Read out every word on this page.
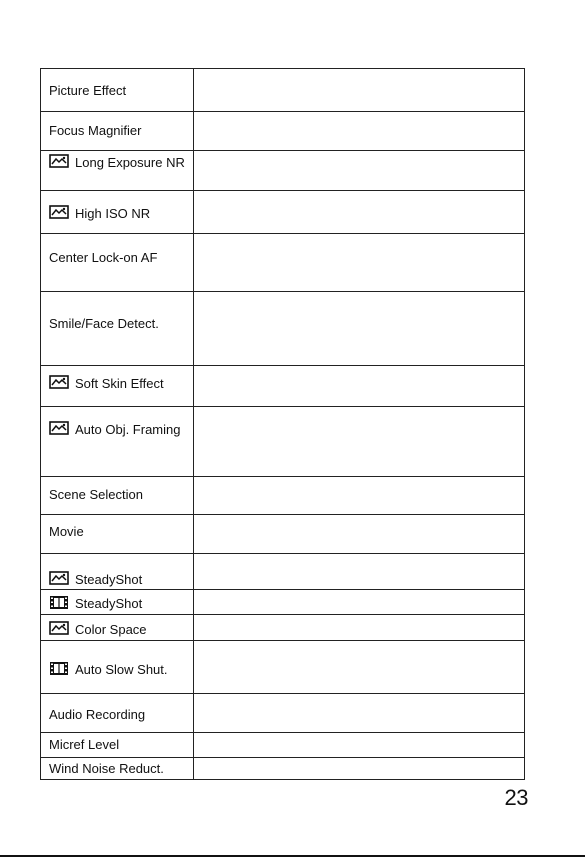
Picture Effect	

Focus Magnifier	

Long Exposure NR	

High ISO NR	

Center Lock-on AF	

Smile/Face Detect.	

Soft Skin Effect	

Auto Obj. Framing	

Scene Selection	

Movie	

SteadyShot	

SteadyShot	

Color Space	

Auto Slow Shut.	

Audio Recording	

Micref Level	

Wind Noise Reduct.	

23
